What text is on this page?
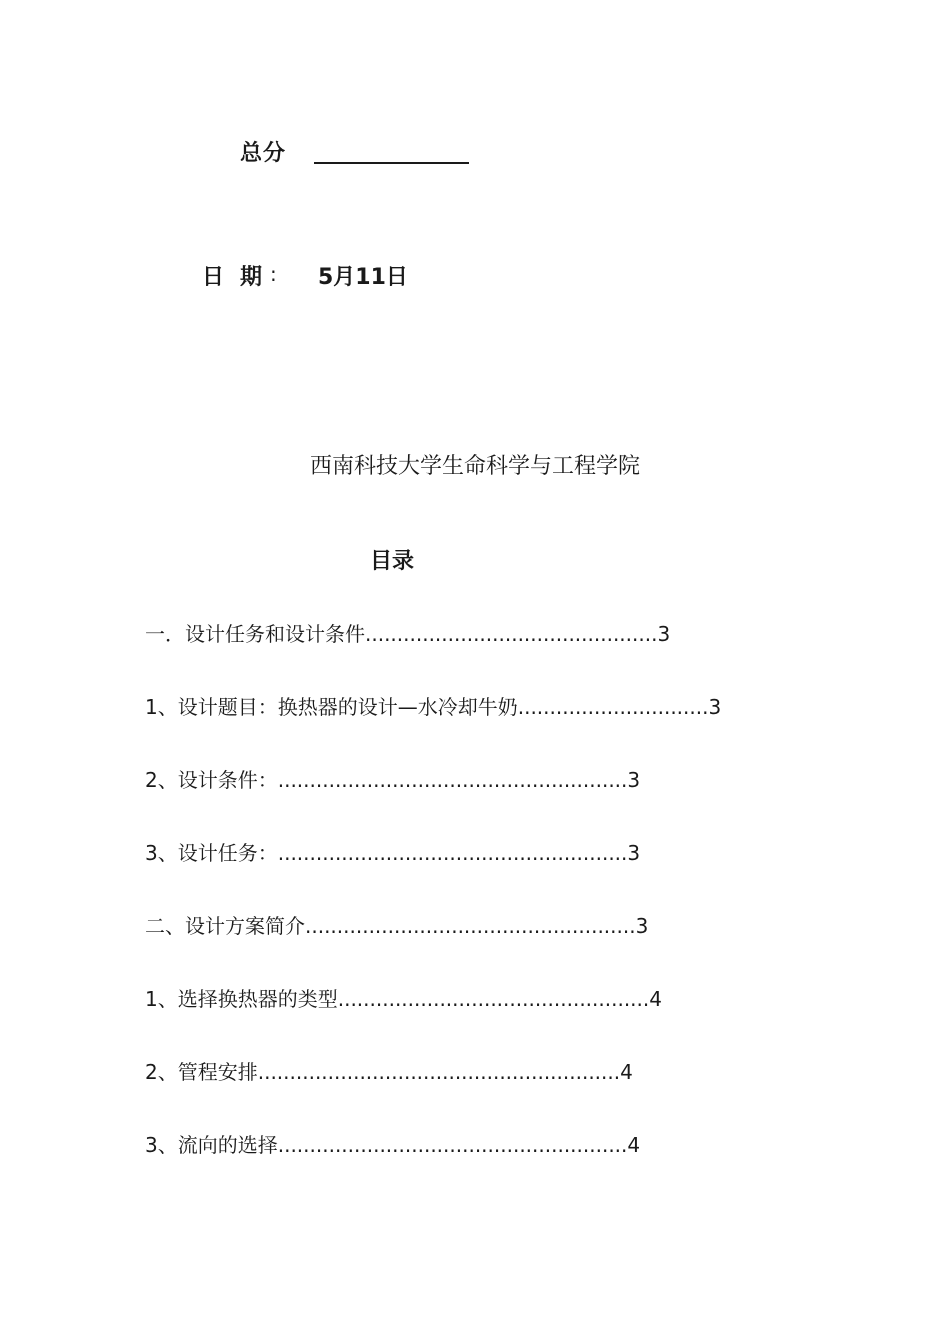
总分
日 期 : 5月11日
西南科技大学生命科学与工程学院
目录
一．设计任务和设计条件..............................................3
1、设计题目：换热器的设计—水冷却牛奶..............................3
2、设计条件：.......................................................3
3、设计任务：.......................................................3
二、设计方案简介....................................................3
1、选择换热器的类型.................................................4
2、管程安排.........................................................4
3、流向的选择.......................................................4
